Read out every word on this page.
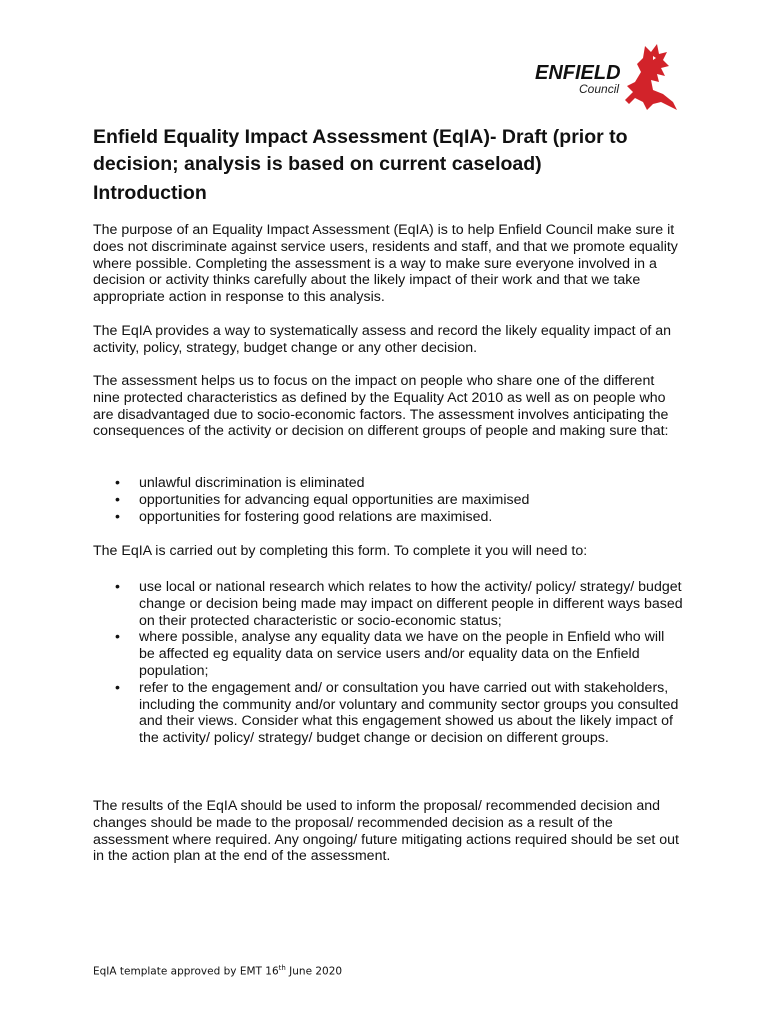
ENFIELD
Council
Enfield Equality Impact Assessment (EqIA)- Draft (prior to decision; analysis is based on current caseload)
Introduction

The purpose of an Equality Impact Assessment (EqIA) is to help Enfield Council make sure it does not discriminate against service users, residents and staff, and that we promote equality where possible. Completing the assessment is a way to make sure everyone involved in a decision or activity thinks carefully about the likely impact of their work and that we take appropriate action in response to this analysis.

The EqIA provides a way to systematically assess and record the likely equality impact of an activity, policy, strategy, budget change or any other decision.

The assessment helps us to focus on the impact on people who share one of the different nine protected characteristics as defined by the Equality Act 2010 as well as on people who are disadvantaged due to socio-economic factors. The assessment involves anticipating the consequences of the activity or decision on different groups of people and making sure that:

• unlawful discrimination is eliminated
• opportunities for advancing equal opportunities are maximised
• opportunities for fostering good relations are maximised.

The EqIA is carried out by completing this form. To complete it you will need to:

• use local or national research which relates to how the activity/ policy/ strategy/ budget change or decision being made may impact on different people in different ways based on their protected characteristic or socio-economic status;
• where possible, analyse any equality data we have on the people in Enfield who will be affected eg equality data on service users and/or equality data on the Enfield population;
• refer to the engagement and/ or consultation you have carried out with stakeholders, including the community and/or voluntary and community sector groups you consulted and their views. Consider what this engagement showed us about the likely impact of the activity/ policy/ strategy/ budget change or decision on different groups.

The results of the EqIA should be used to inform the proposal/ recommended decision and changes should be made to the proposal/ recommended decision as a result of the assessment where required. Any ongoing/ future mitigating actions required should be set out in the action plan at the end of the assessment.

EqIA template approved by EMT 16th June 2020
